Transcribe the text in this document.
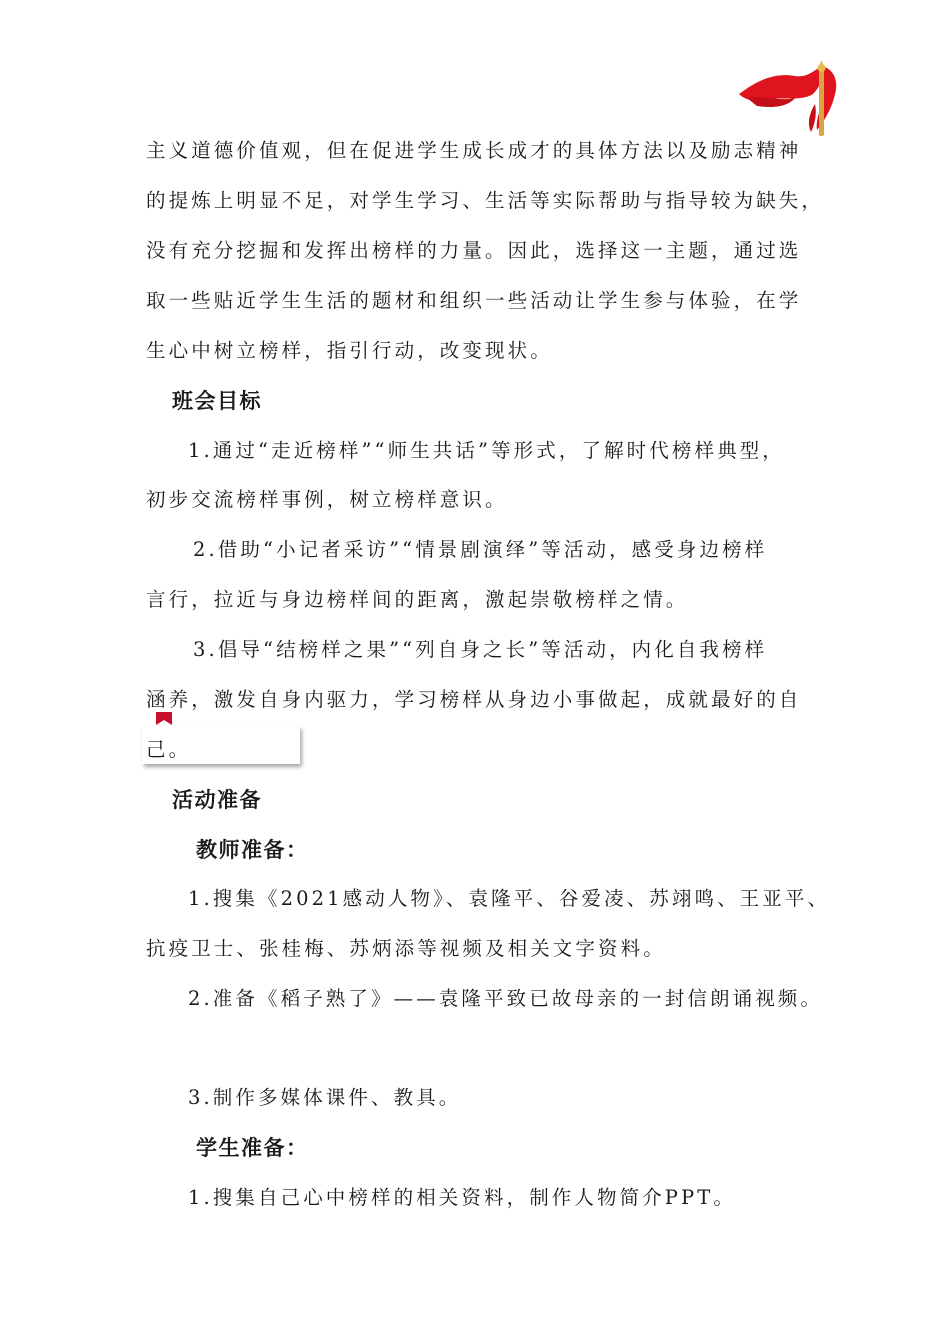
主义道德价值观，但在促进学生成长成才的具体方法以及励志精神

的提炼上明显不足，对学生学习、生活等实际帮助与指导较为缺失，

没有充分挖掘和发挥出榜样的力量。因此，选择这一主题，通过选

取一些贴近学生生活的题材和组织一些活动让学生参与体验，在学

生心中树立榜样，指引行动，改变现状。

班会目标

1.通过“走近榜样”“师生共话”等形式，了解时代榜样典型，

初步交流榜样事例，树立榜样意识。

2.借助“小记者采访”“情景剧演绎”等活动，感受身边榜样

言行，拉近与身边榜样间的距离，激起崇敬榜样之情。

3.倡导“结榜样之果”“列自身之长”等活动，内化自我榜样

涵养，激发自身内驱力，学习榜样从身边小事做起，成就最好的自

己。

活动准备
教师准备：

1.搜集《2021感动人物》、袁隆平、谷爱凌、苏翊鸣、王亚平、

抗疫卫士、张桂梅、苏炳添等视频及相关文字资料。

2.准备《稻子熟了》——袁隆平致已故母亲的一封信朗诵视频。

3.制作多媒体课件、教具。

学生准备：

1.搜集自己心中榜样的相关资料，制作人物简介PPT。
